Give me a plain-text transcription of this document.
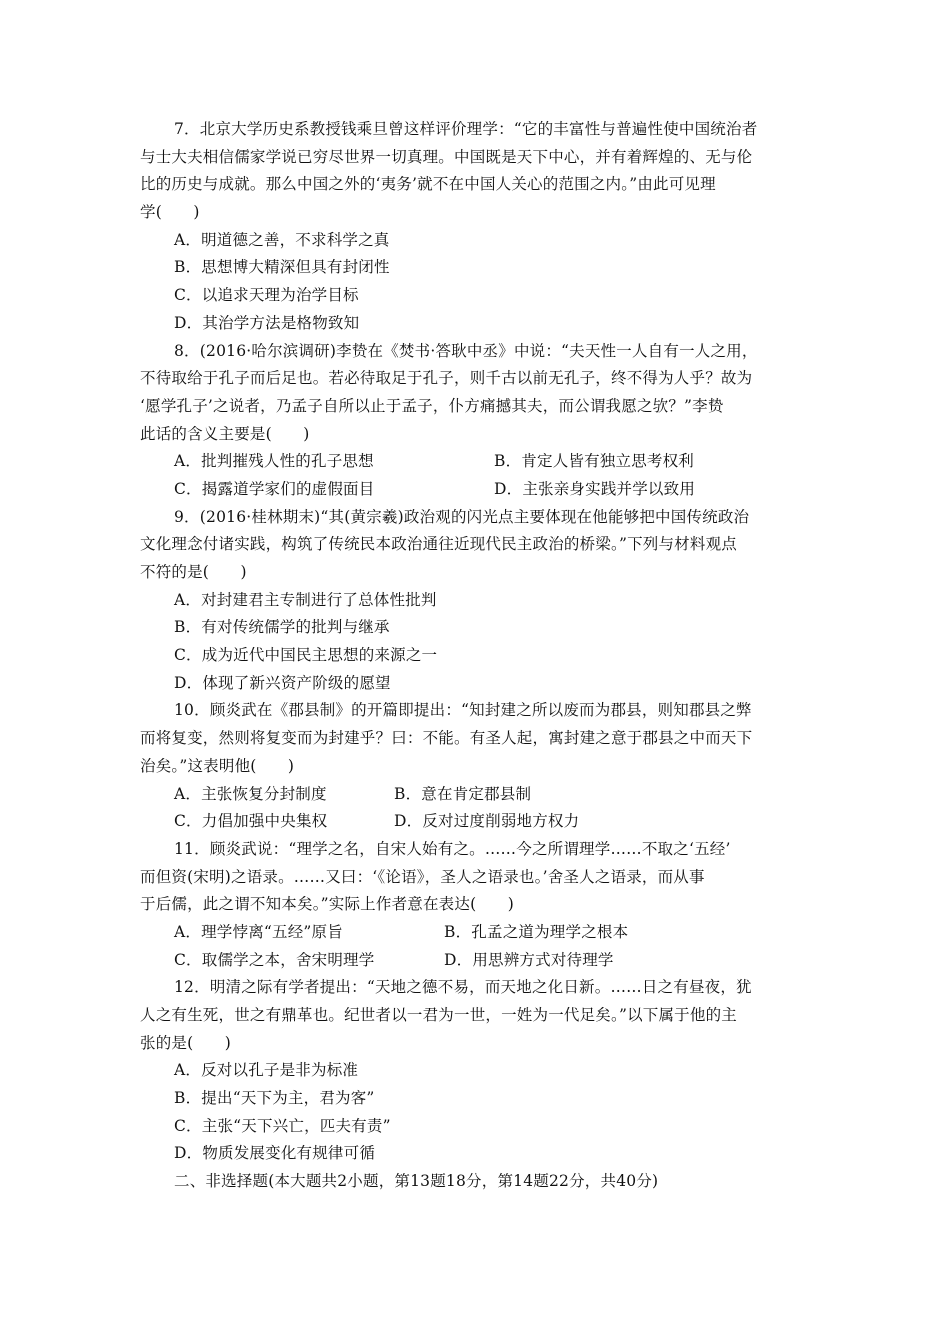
7．北京大学历史系教授钱乘旦曾这样评价理学：“它的丰富性与普遍性使中国统治者
与士大夫相信儒家学说已穷尽世界一切真理。中国既是天下中心，并有着辉煌的、无与伦
比的历史与成就。那么中国之外的‘夷务’就不在中国人关心的范围之内。”由此可见理
学(　　)
A．明道德之善，不求科学之真
B．思想博大精深但具有封闭性
C．以追求天理为治学目标
D．其治学方法是格物致知
8．(2016·哈尔滨调研)李贽在《焚书·答耿中丞》中说：“夫天性一人自有一人之用，
不待取给于孔子而后足也。若必待取足于孔子，则千古以前无孔子，终不得为人乎？故为
‘愿学孔子’之说者，乃孟子自所以止于孟子，仆方痛撼其夫，而公谓我愿之欤？”李贽
此话的含义主要是(　　)
A．批判摧残人性的孔子思想	B．肯定人皆有独立思考权利
C．揭露道学家们的虚假面目	D．主张亲身实践并学以致用
9．(2016·桂林期末)“其(黄宗羲)政治观的闪光点主要体现在他能够把中国传统政治
文化理念付诸实践，构筑了传统民本政治通往近现代民主政治的桥梁。”下列与材料观点
不符的是(　　)
A．对封建君主专制进行了总体性批判
B．有对传统儒学的批判与继承
C．成为近代中国民主思想的来源之一
D．体现了新兴资产阶级的愿望
10．顾炎武在《郡县制》的开篇即提出：“知封建之所以废而为郡县，则知郡县之弊
而将复变，然则将复变而为封建乎？曰：不能。有圣人起，寓封建之意于郡县之中而天下
治矣。”这表明他(　　)
A．主张恢复分封制度	B．意在肯定郡县制
C．力倡加强中央集权	D．反对过度削弱地方权力
11．顾炎武说：“理学之名，自宋人始有之。……今之所谓理学……不取之‘五经’
而但资(宋明)之语录。……又曰：‘《论语》，圣人之语录也。’舍圣人之语录，而从事
于后儒，此之谓不知本矣。”实际上作者意在表达(　　)
A．理学悖离“五经”原旨	B．孔孟之道为理学之根本
C．取儒学之本，舍宋明理学	D．用思辨方式对待理学
12．明清之际有学者提出：“天地之德不易，而天地之化日新。……日之有昼夜，犹
人之有生死，世之有鼎革也。纪世者以一君为一世，一姓为一代足矣。”以下属于他的主
张的是(　　)
A．反对以孔子是非为标准
B．提出“天下为主，君为客”
C．主张“天下兴亡，匹夫有责”
D．物质发展变化有规律可循
二、非选择题(本大题共2小题，第13题18分，第14题22分，共40分)
